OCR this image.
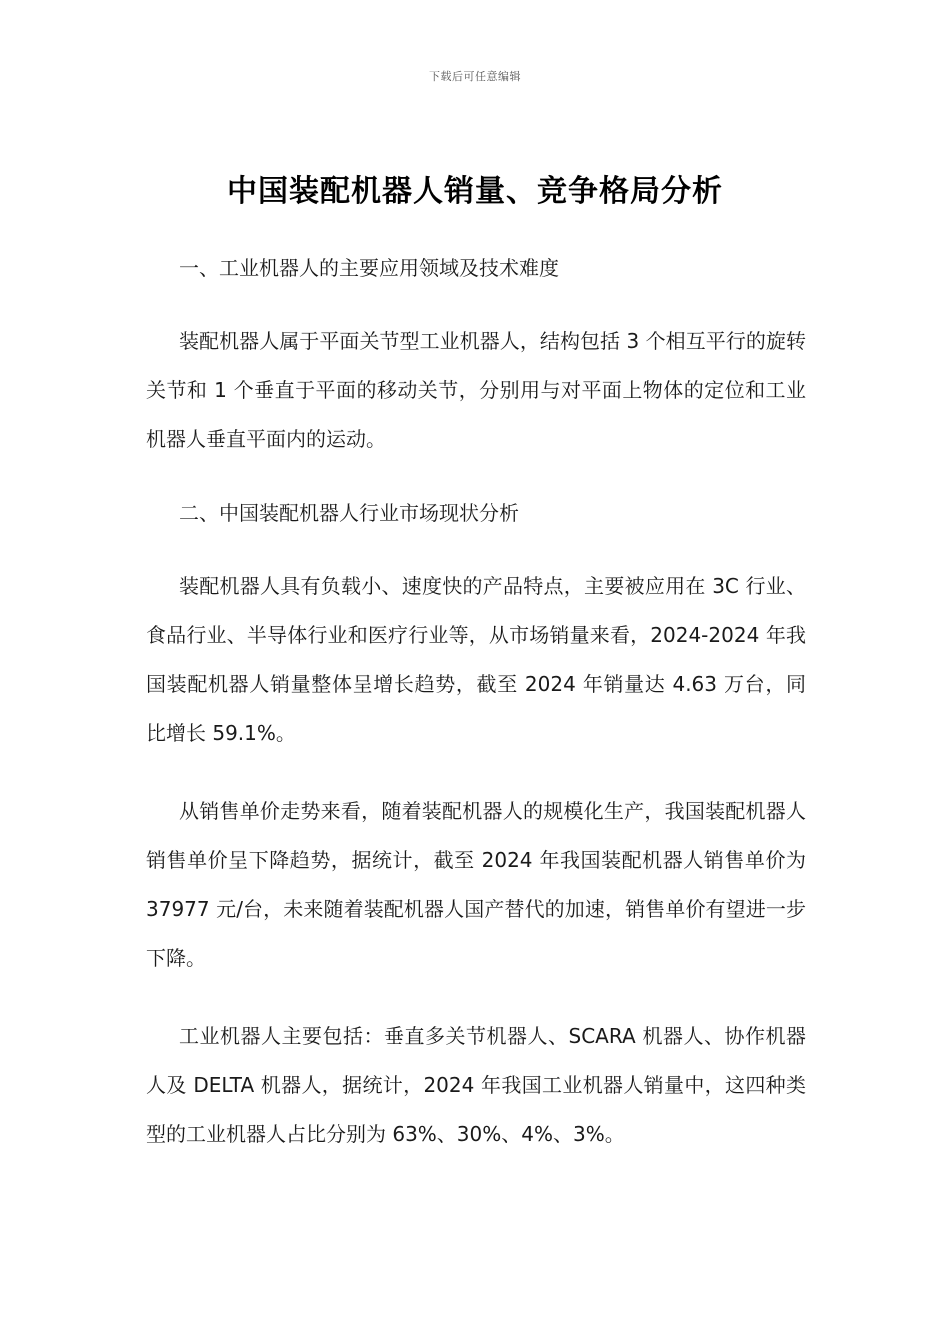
下载后可任意编辑
中国装配机器人销量、竞争格局分析

一、工业机器人的主要应用领域及技术难度

装配机器人属于平面关节型工业机器人，结构包括 3 个相互平行的旋转关节和 1 个垂直于平面的移动关节，分别用与对平面上物体的定位和工业机器人垂直平面内的运动。

二、中国装配机器人行业市场现状分析

装配机器人具有负载小、速度快的产品特点，主要被应用在 3C 行业、食品行业、半导体行业和医疗行业等，从市场销量来看，2024-2024 年我国装配机器人销量整体呈增长趋势，截至 2024 年销量达 4.63 万台，同比增长 59.1%。

从销售单价走势来看，随着装配机器人的规模化生产，我国装配机器人销售单价呈下降趋势，据统计，截至 2024 年我国装配机器人销售单价为 37977 元/台，未来随着装配机器人国产替代的加速，销售单价有望进一步下降。

工业机器人主要包括：垂直多关节机器人、SCARA 机器人、协作机器人及 DELTA 机器人，据统计，2024 年我国工业机器人销量中，这四种类型的工业机器人占比分别为 63%、30%、4%、3%。
